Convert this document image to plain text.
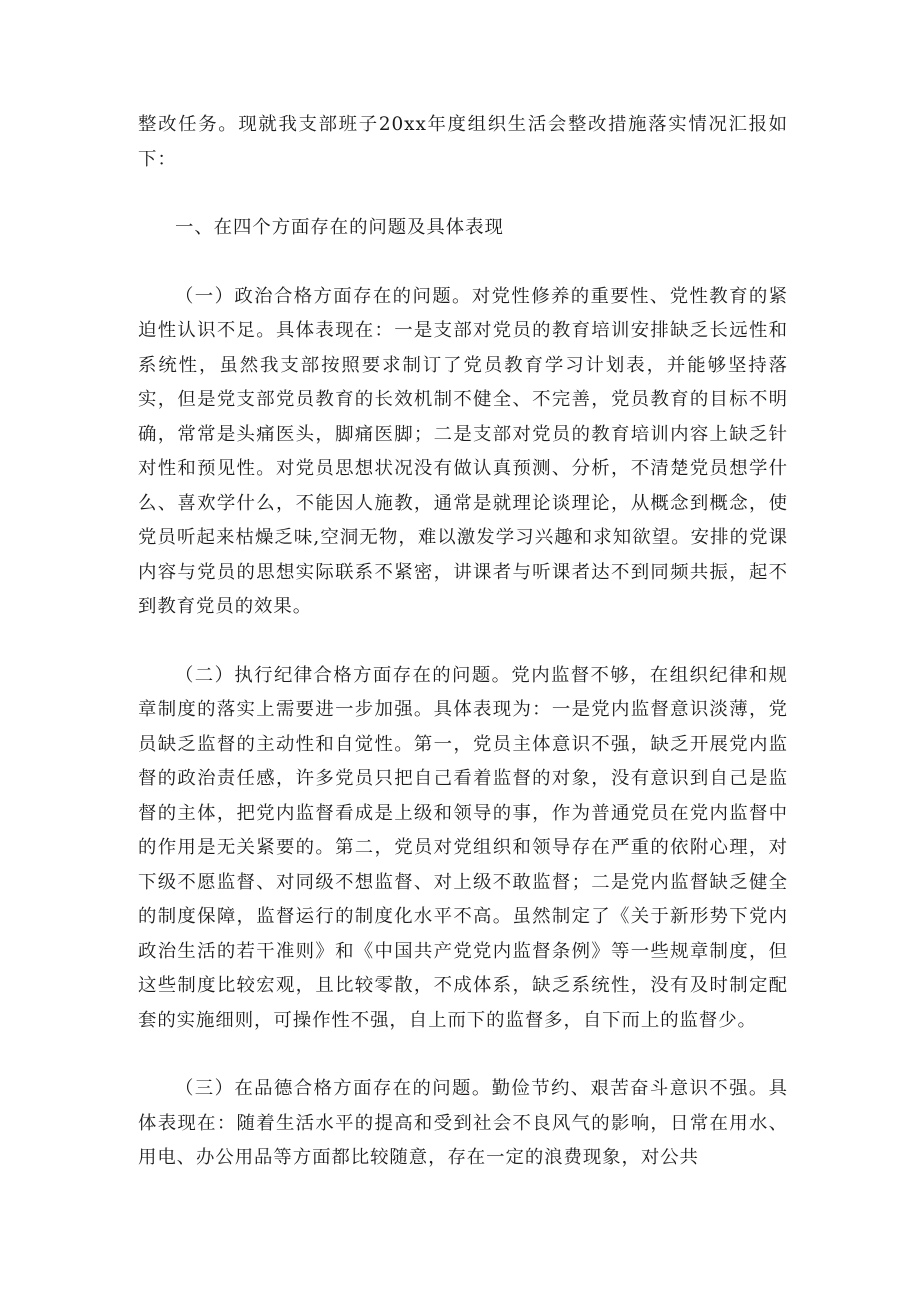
整改任务。现就我支部班子20xx年度组织生活会整改措施落实情况汇报如下：

一、在四个方面存在的问题及具体表现

（一）政治合格方面存在的问题。对党性修养的重要性、党性教育的紧迫性认识不足。具体表现在：一是支部对党员的教育培训安排缺乏长远性和系统性，虽然我支部按照要求制订了党员教育学习计划表，并能够坚持落实，但是党支部党员教育的长效机制不健全、不完善，党员教育的目标不明确，常常是头痛医头，脚痛医脚；二是支部对党员的教育培训内容上缺乏针对性和预见性。对党员思想状况没有做认真预测、分析，不清楚党员想学什么、喜欢学什么，不能因人施教，通常是就理论谈理论，从概念到概念，使党员听起来枯燥乏味,空洞无物，难以激发学习兴趣和求知欲望。安排的党课内容与党员的思想实际联系不紧密，讲课者与听课者达不到同频共振，起不到教育党员的效果。

（二）执行纪律合格方面存在的问题。党内监督不够，在组织纪律和规章制度的落实上需要进一步加强。具体表现为：一是党内监督意识淡薄，党员缺乏监督的主动性和自觉性。第一，党员主体意识不强，缺乏开展党内监督的政治责任感，许多党员只把自己看着监督的对象，没有意识到自己是监督的主体，把党内监督看成是上级和领导的事，作为普通党员在党内监督中的作用是无关紧要的。第二，党员对党组织和领导存在严重的依附心理，对下级不愿监督、对同级不想监督、对上级不敢监督；二是党内监督缺乏健全的制度保障，监督运行的制度化水平不高。虽然制定了《关于新形势下党内政治生活的若干准则》和《中国共产党党内监督条例》等一些规章制度，但这些制度比较宏观，且比较零散，不成体系，缺乏系统性，没有及时制定配套的实施细则，可操作性不强，自上而下的监督多，自下而上的监督少。

（三）在品德合格方面存在的问题。勤俭节约、艰苦奋斗意识不强。具体表现在：随着生活水平的提高和受到社会不良风气的影响，日常在用水、用电、办公用品等方面都比较随意，存在一定的浪费现象，对公共
